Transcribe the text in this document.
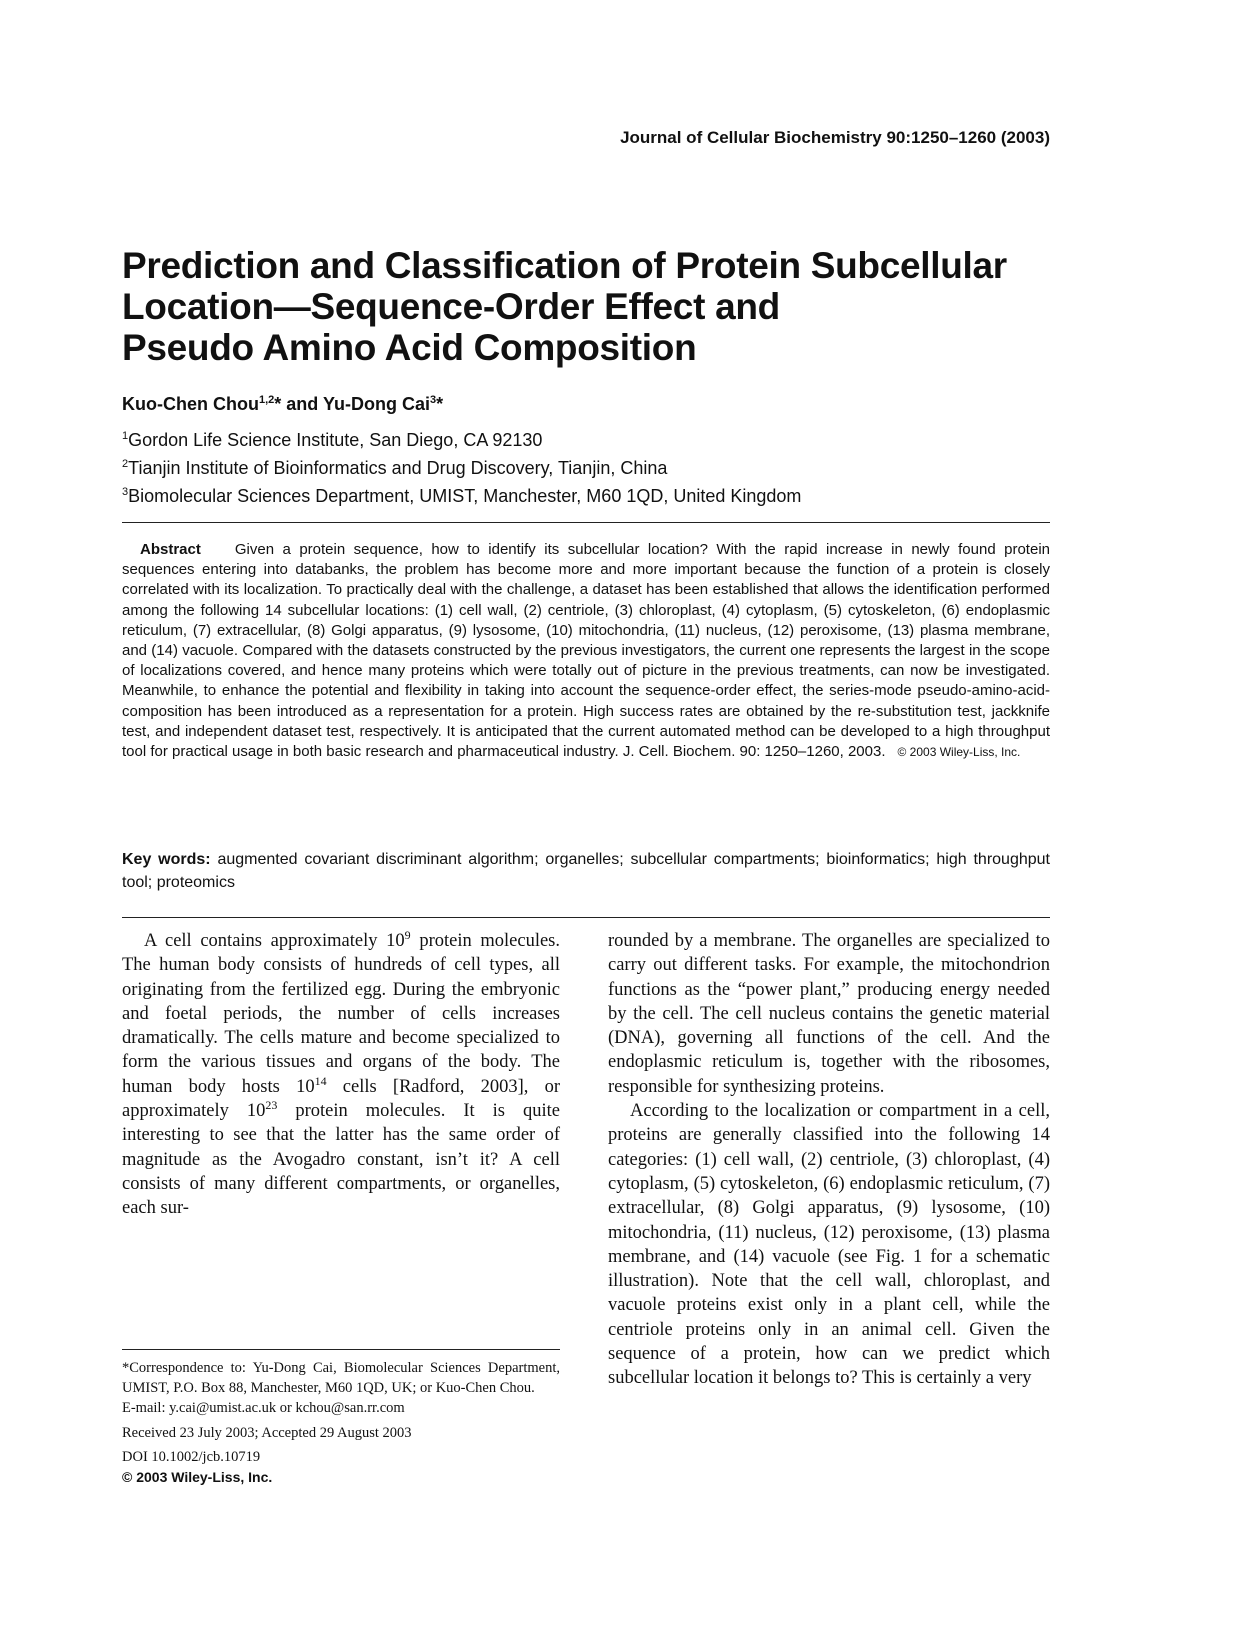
Journal of Cellular Biochemistry 90:1250–1260 (2003)
Prediction and Classification of Protein Subcellular
Location—Sequence-Order Effect and
Pseudo Amino Acid Composition
Kuo-Chen Chou$^{1,2}$* and Yu-Dong Cai$^3$*
$^1$Gordon Life Science Institute, San Diego, CA 92130
$^2$Tianjin Institute of Bioinformatics and Drug Discovery, Tianjin, China
$^3$Biomolecular Sciences Department, UMIST, Manchester, M60 1QD, United Kingdom
Abstract Given a protein sequence, how to identify its subcellular location? With the rapid increase in newly found protein sequences entering into databanks, the problem has become more and more important because the function of a protein is closely correlated with its localization. To practically deal with the challenge, a dataset has been established that allows the identification performed among the following 14 subcellular locations: (1) cell wall, (2) centriole, (3) chloroplast, (4) cytoplasm, (5) cytoskeleton, (6) endoplasmic reticulum, (7) extracellular, (8) Golgi apparatus, (9) lysosome, (10) mitochondria, (11) nucleus, (12) peroxisome, (13) plasma membrane, and (14) vacuole. Compared with the datasets constructed by the previous investigators, the current one represents the largest in the scope of localizations covered, and hence many proteins which were totally out of picture in the previous treatments, can now be investigated. Meanwhile, to enhance the potential and flexibility in taking into account the sequence-order effect, the series-mode pseudo-amino-acid-composition has been introduced as a representation for a protein. High success rates are obtained by the re-substitution test, jackknife test, and independent dataset test, respectively. It is anticipated that the current automated method can be developed to a high throughput tool for practical usage in both basic research and pharmaceutical industry. J. Cell. Biochem. 90: 1250–1260, 2003. © 2003 Wiley-Liss, Inc.
Key words: augmented covariant discriminant algorithm; organelles; subcellular compartments; bioinformatics; high throughput tool; proteomics

A cell contains approximately $10^9$ protein molecules. The human body consists of hundreds of cell types, all originating from the fertilized egg. During the embryonic and foetal periods, the number of cells increases dramatically. The cells mature and become specialized to form the various tissues and organs of the body. The human body hosts $10^{14}$ cells [Radford, 2003], or approximately $10^{23}$ protein molecules. It is quite interesting to see that the latter has the same order of magnitude as the Avogadro constant, isn’t it? A cell consists of many different compartments, or organelles, each sur-

rounded by a membrane. The organelles are specialized to carry out different tasks. For example, the mitochondrion functions as the “power plant,” producing energy needed by the cell. The cell nucleus contains the genetic material (DNA), governing all functions of the cell. And the endoplasmic reticulum is, together with the ribosomes, responsible for synthesizing proteins.

According to the localization or compartment in a cell, proteins are generally classified into the following 14 categories: (1) cell wall, (2) centriole, (3) chloroplast, (4) cytoplasm, (5) cytoskeleton, (6) endoplasmic reticulum, (7) extracellular, (8) Golgi apparatus, (9) lysosome, (10) mitochondria, (11) nucleus, (12) peroxisome, (13) plasma membrane, and (14) vacuole (see Fig. 1 for a schematic illustration). Note that the cell wall, chloroplast, and vacuole proteins exist only in a plant cell, while the centriole proteins only in an animal cell. Given the sequence of a protein, how can we predict which subcellular location it belongs to? This is certainly a very

*Correspondence to: Yu-Dong Cai, Biomolecular Sciences Department, UMIST, P.O. Box 88, Manchester, M60 1QD, UK; or Kuo-Chen Chou.

E-mail: y.cai@umist.ac.uk or kchou@san.rr.com

Received 23 July 2003; Accepted 29 August 2003

DOI 10.1002/jcb.10719

© 2003 Wiley-Liss, Inc.
